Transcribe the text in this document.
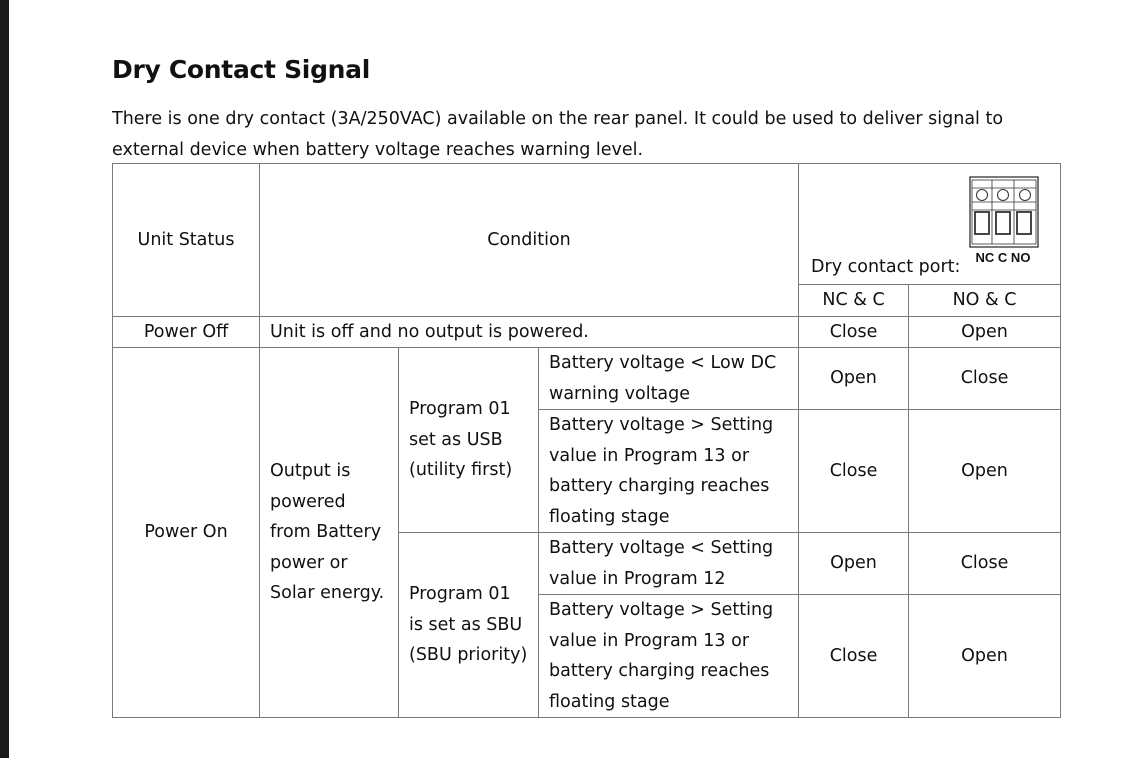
Dry Contact Signal

There is one dry contact (3A/250VAC) available on the rear panel. It could be used to deliver signal to external device when battery voltage reaches warning level.

Unit Status	Condition			Dry contact port: NC C NO	

				NC & C	NO & C
Power Off	Unit is off and no output is powered.			Close	Open
Power On	Output is powered from Battery power or Solar energy.	Program 01 set as USB (utility first)	Battery voltage < Low DC warning voltage	Open	Close
			Battery voltage > Setting value in Program 13 or battery charging reaches floating stage	Close	Open
		Program 01 is set as SBU (SBU priority)	Battery voltage < Setting value in Program 12	Open	Close
			Battery voltage > Setting value in Program 13 or battery charging reaches floating stage	Close	Open
